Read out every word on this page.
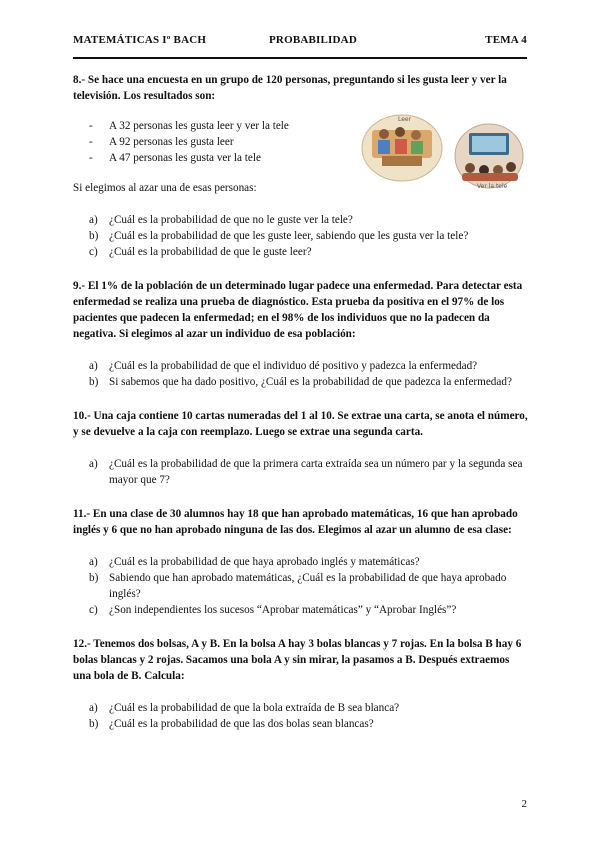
MATEMÁTICAS Iº BACH	PROBABILIDAD	TEMA 4
Leer
Ver la tele

8.- Se hace una encuesta en un grupo de 120 personas, preguntando si les gusta leer y ver la televisión. Los resultados son:

- A 32 personas les gusta leer y ver la tele
- A 92 personas les gusta leer
- A 47 personas les gusta ver la tele

Si elegimos al azar una de esas personas:

a) ¿Cuál es la probabilidad de que no le guste ver la tele?
b) ¿Cuál es la probabilidad de que les guste leer, sabiendo que les gusta ver la tele?
c) ¿Cuál es la probabilidad de que le guste leer?

9.- El 1% de la población de un determinado lugar padece una enfermedad. Para detectar esta enfermedad se realiza una prueba de diagnóstico. Esta prueba da positiva en el 97% de los pacientes que padecen la enfermedad; en el 98% de los individuos que no la padecen da negativa. Si elegimos al azar un individuo de esa población:

a) ¿Cuál es la probabilidad de que el individuo dé positivo y padezca la enfermedad?
b) Si sabemos que ha dado positivo, ¿Cuál es la probabilidad de que padezca la enfermedad?

10.- Una caja contiene 10 cartas numeradas del 1 al 10. Se extrae una carta, se anota el número, y se devuelve a la caja con reemplazo. Luego se extrae una segunda carta.

a) ¿Cuál es la probabilidad de que la primera carta extraída sea un número par y la segunda sea mayor que 7?

11.- En una clase de 30 alumnos hay 18 que han aprobado matemáticas, 16 que han aprobado inglés y 6 que no han aprobado ninguna de las dos. Elegimos al azar un alumno de esa clase:

a) ¿Cuál es la probabilidad de que haya aprobado inglés y matemáticas?
b) Sabiendo que han aprobado matemáticas, ¿Cuál es la probabilidad de que haya aprobado inglés?
c) ¿Son independientes los sucesos “Aprobar matemáticas” y “Aprobar Inglés”?

12.- Tenemos dos bolsas, A y B. En la bolsa A hay 3 bolas blancas y 7 rojas. En la bolsa B hay 6 bolas blancas y 2 rojas. Sacamos una bola A y sin mirar, la pasamos a B. Después extraemos una bola de B. Calcula:

a) ¿Cuál es la probabilidad de que la bola extraída de B sea blanca?
b) ¿Cuál es la probabilidad de que las dos bolas sean blancas?
2
